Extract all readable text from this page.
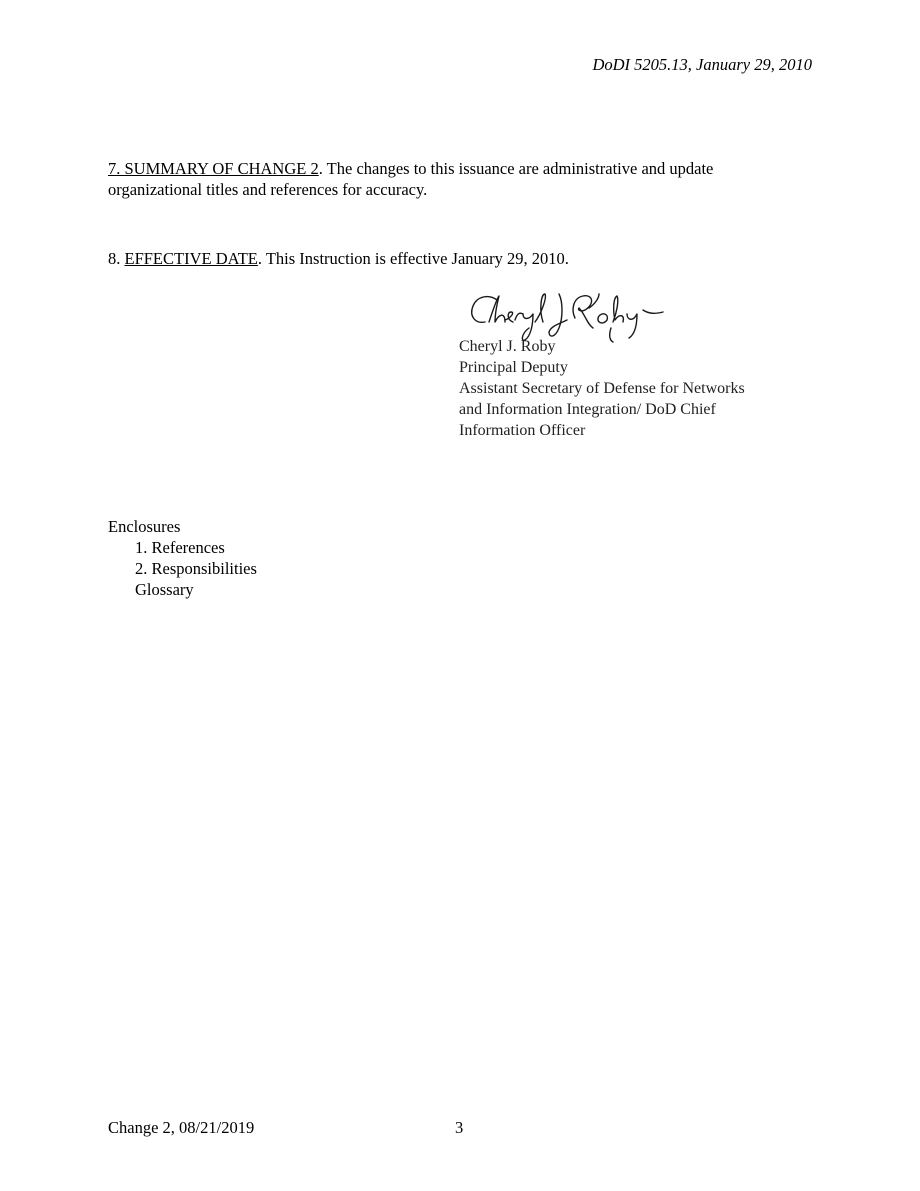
DoDI 5205.13, January 29, 2010
7. SUMMARY OF CHANGE 2. The changes to this issuance are administrative and update organizational titles and references for accuracy.
8. EFFECTIVE DATE. This Instruction is effective January 29, 2010.
Cheryl J. Roby
Principal Deputy
Assistant Secretary of Defense for Networks
and Information Integration/ DoD Chief
Information Officer
Enclosures
1. References
2. Responsibilities
Glossary
Change 2, 08/21/2019	3
